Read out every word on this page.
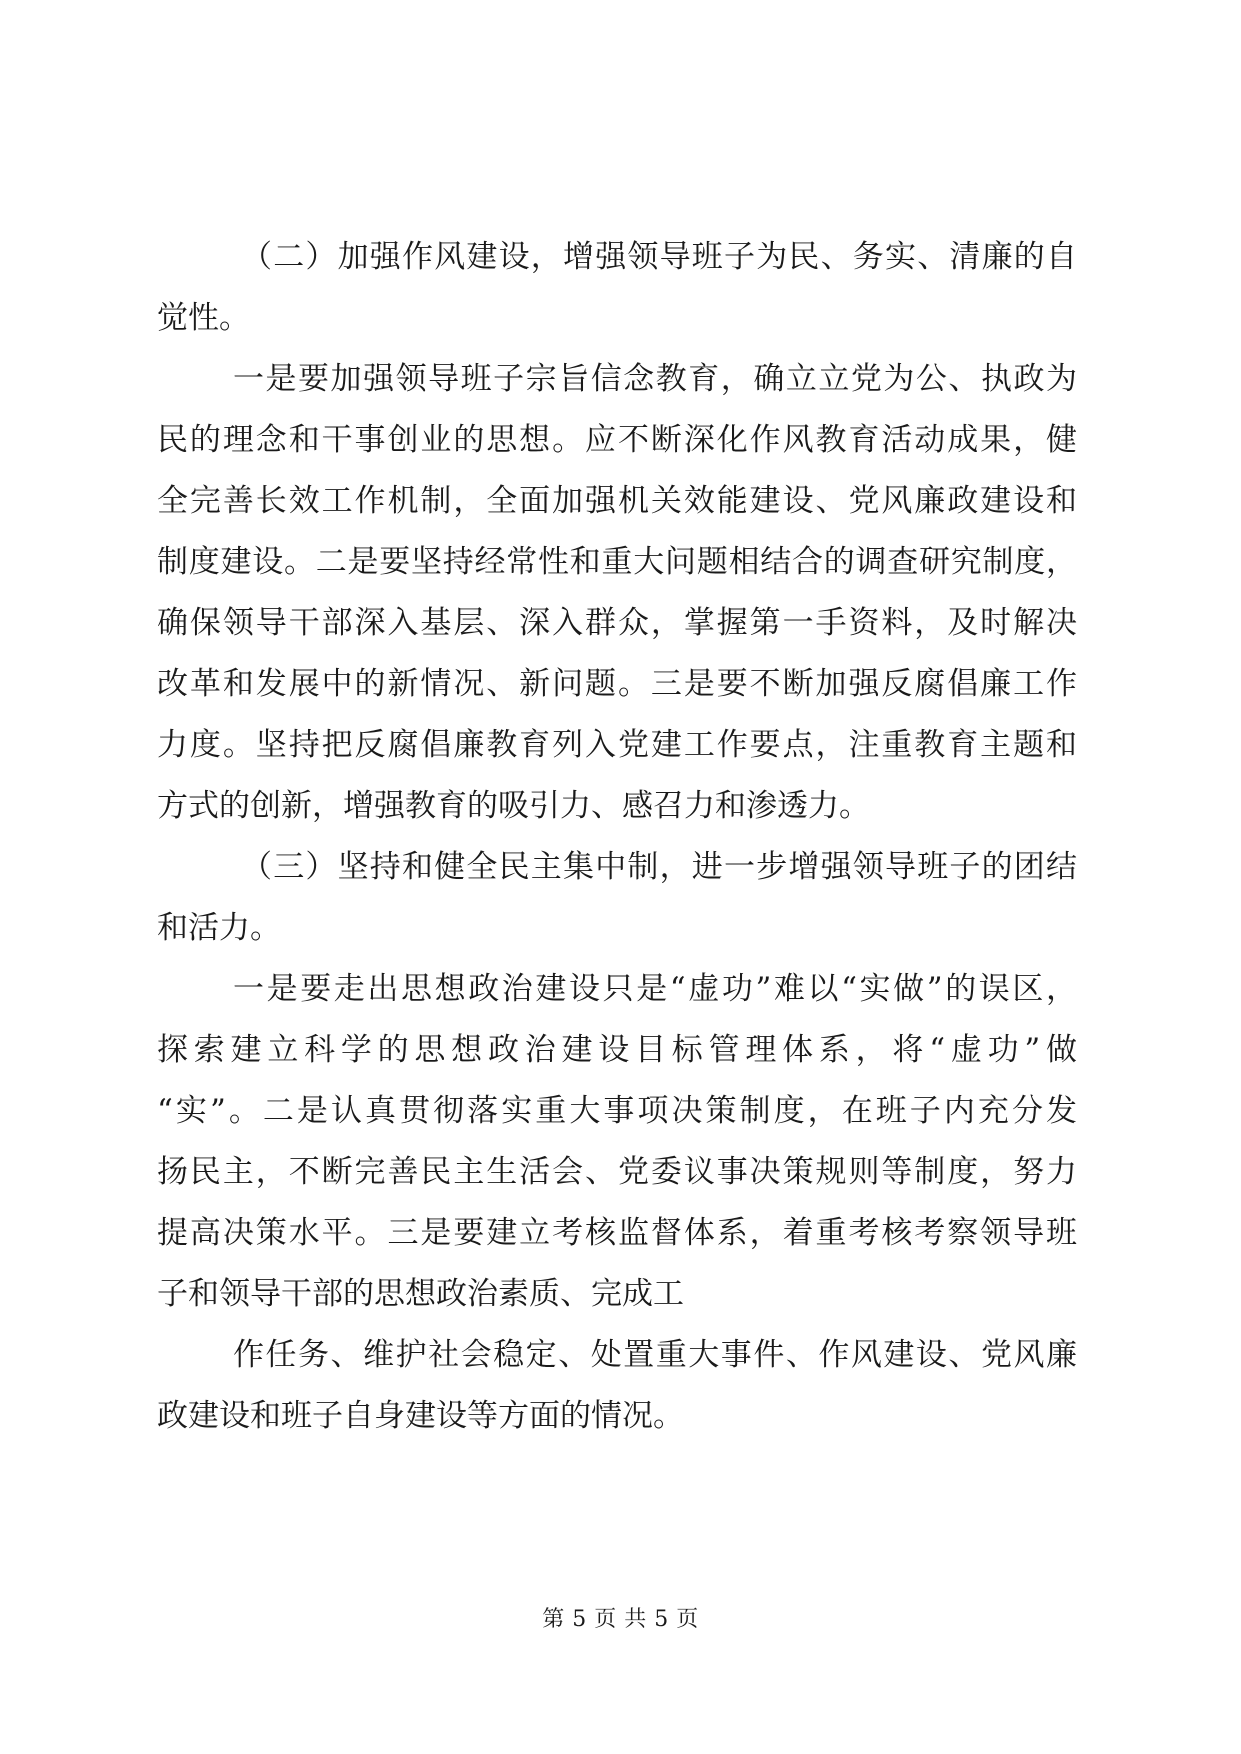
（二）加强作风建设，增强领导班子为民、务实、清廉的自
觉性。
一是要加强领导班子宗旨信念教育，确立立党为公、执政为
民的理念和干事创业的思想。应不断深化作风教育活动成果，健
全完善长效工作机制，全面加强机关效能建设、党风廉政建设和
制度建设。二是要坚持经常性和重大问题相结合的调查研究制度，
确保领导干部深入基层、深入群众，掌握第一手资料，及时解决
改革和发展中的新情况、新问题。三是要不断加强反腐倡廉工作
力度。坚持把反腐倡廉教育列入党建工作要点，注重教育主题和
方式的创新，增强教育的吸引力、感召力和渗透力。
（三）坚持和健全民主集中制，进一步增强领导班子的团结
和活力。
一是要走出思想政治建设只是“虚功”难以“实做”的误区，
探索建立科学的思想政治建设目标管理体系，将“虚功”做
“实”。二是认真贯彻落实重大事项决策制度，在班子内充分发
扬民主，不断完善民主生活会、党委议事决策规则等制度，努力
提高决策水平。三是要建立考核监督体系，着重考核考察领导班
子和领导干部的思想政治素质、完成工
作任务、维护社会稳定、处置重大事件、作风建设、党风廉
政建设和班子自身建设等方面的情况。
第 5 页 共 5 页
